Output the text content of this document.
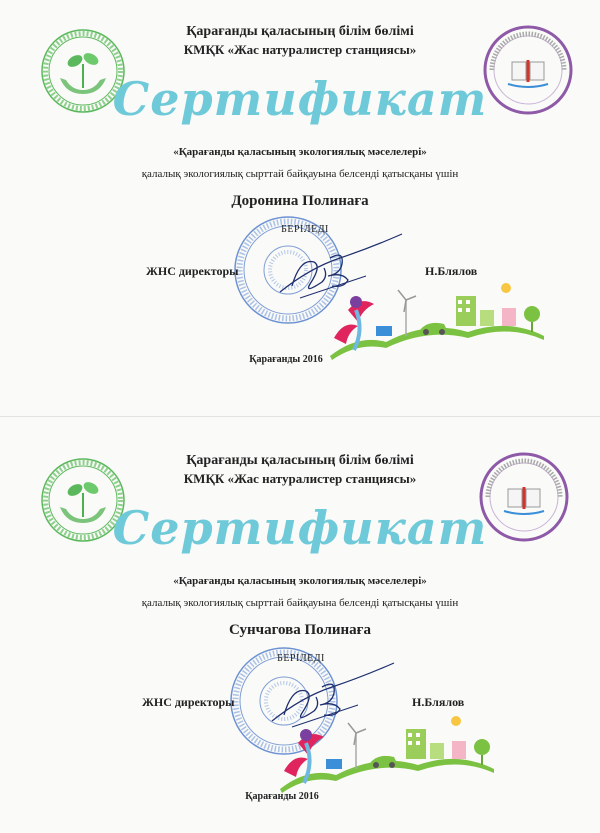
Қарағанды қаласының білім бөлімі
КМҚК «Жас натуралистер станциясы»
Сертификат
«Қарағанды қаласының экологиялық мәселелері»
қалалық экологиялық сырттай байқауына белсенді қатысқаны үшін
Доронина Полинаға
БЕРІЛЕДІ
ЖНС директоры	Н.Блялов
Қарағанды 2016
Қарағанды қаласының білім бөлімі
КМҚК «Жас натуралистер станциясы»
Сертификат
«Қарағанды қаласының экологиялық мәселелері»
қалалық экологиялық сырттай байқауына белсенді қатысқаны үшін
Сунчагова Полинаға
БЕРІЛЕДІ
ЖНС директоры	Н.Блялов
Қарағанды 2016
